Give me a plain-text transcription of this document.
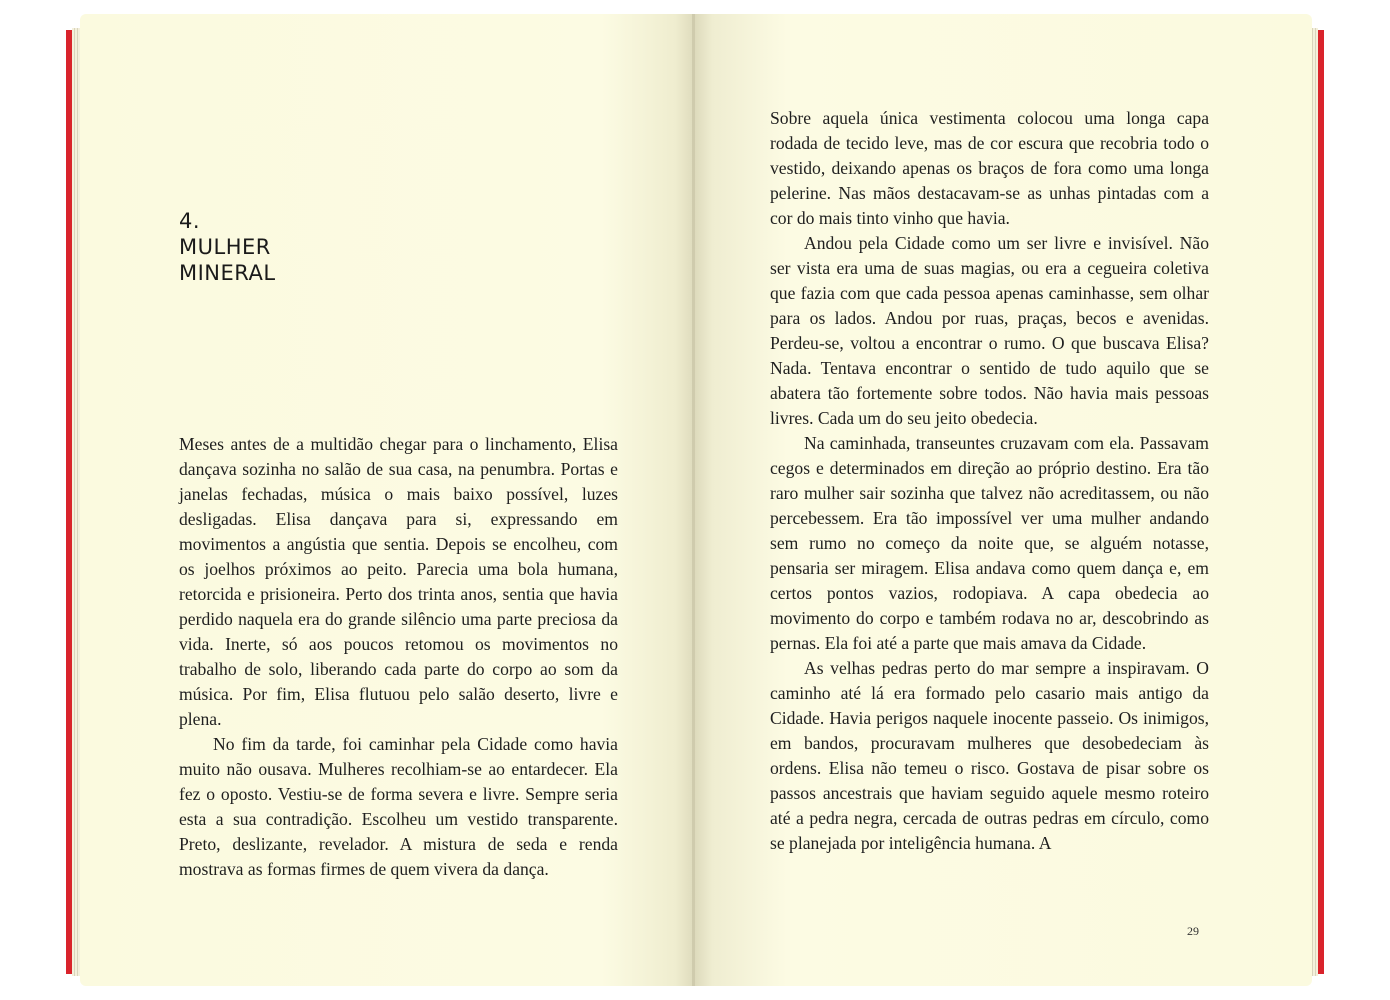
4.
MULHER
MINERAL

Meses antes de a multidão chegar para o linchamento, Elisa dançava sozinha no salão de sua casa, na penumbra. Portas e janelas fechadas, música o mais baixo possível, luzes desligadas. Elisa dançava para si, expressando em movimentos a angústia que sentia. Depois se encolheu, com os joelhos próximos ao peito. Parecia uma bola humana, retorcida e prisioneira. Perto dos trinta anos, sentia que havia perdido naquela era do grande silêncio uma parte preciosa da vida. Inerte, só aos poucos retomou os movimentos no trabalho de solo, liberando cada parte do corpo ao som da música. Por fim, Elisa flutuou pelo salão deserto, livre e plena.

No fim da tarde, foi caminhar pela Cidade como havia muito não ousava. Mulheres recolhiam-se ao entardecer. Ela fez o oposto. Vestiu-se de forma severa e livre. Sempre seria esta a sua contradição. Escolheu um vestido transparente. Preto, deslizante, revelador. A mistura de seda e renda mostrava as formas firmes de quem vivera da dança.

Sobre aquela única vestimenta colocou uma longa capa rodada de tecido leve, mas de cor escura que recobria todo o vestido, deixando apenas os braços de fora como uma longa pelerine. Nas mãos destacavam-se as unhas pintadas com a cor do mais tinto vinho que havia.

Andou pela Cidade como um ser livre e invisível. Não ser vista era uma de suas magias, ou era a cegueira coletiva que fazia com que cada pessoa apenas caminhasse, sem olhar para os lados. Andou por ruas, praças, becos e avenidas. Perdeu-se, voltou a encontrar o rumo. O que buscava Elisa? Nada. Tentava encontrar o sentido de tudo aquilo que se abatera tão fortemente sobre todos. Não havia mais pessoas livres. Cada um do seu jeito obedecia.

Na caminhada, transeuntes cruzavam com ela. Passavam cegos e determinados em direção ao próprio destino. Era tão raro mulher sair sozinha que talvez não acreditassem, ou não percebessem. Era tão impossível ver uma mulher andando sem rumo no começo da noite que, se alguém notasse, pensaria ser miragem. Elisa andava como quem dança e, em certos pontos vazios, rodopiava. A capa obedecia ao movimento do corpo e também rodava no ar, descobrindo as pernas. Ela foi até a parte que mais amava da Cidade.

As velhas pedras perto do mar sempre a inspiravam. O caminho até lá era formado pelo casario mais antigo da Cidade. Havia perigos naquele inocente passeio. Os inimigos, em bandos, procuravam mulheres que desobedeciam às ordens. Elisa não temeu o risco. Gostava de pisar sobre os passos ancestrais que haviam seguido aquele mesmo roteiro até a pedra negra, cercada de outras pedras em círculo, como se planejada por inteligência humana. A

29
